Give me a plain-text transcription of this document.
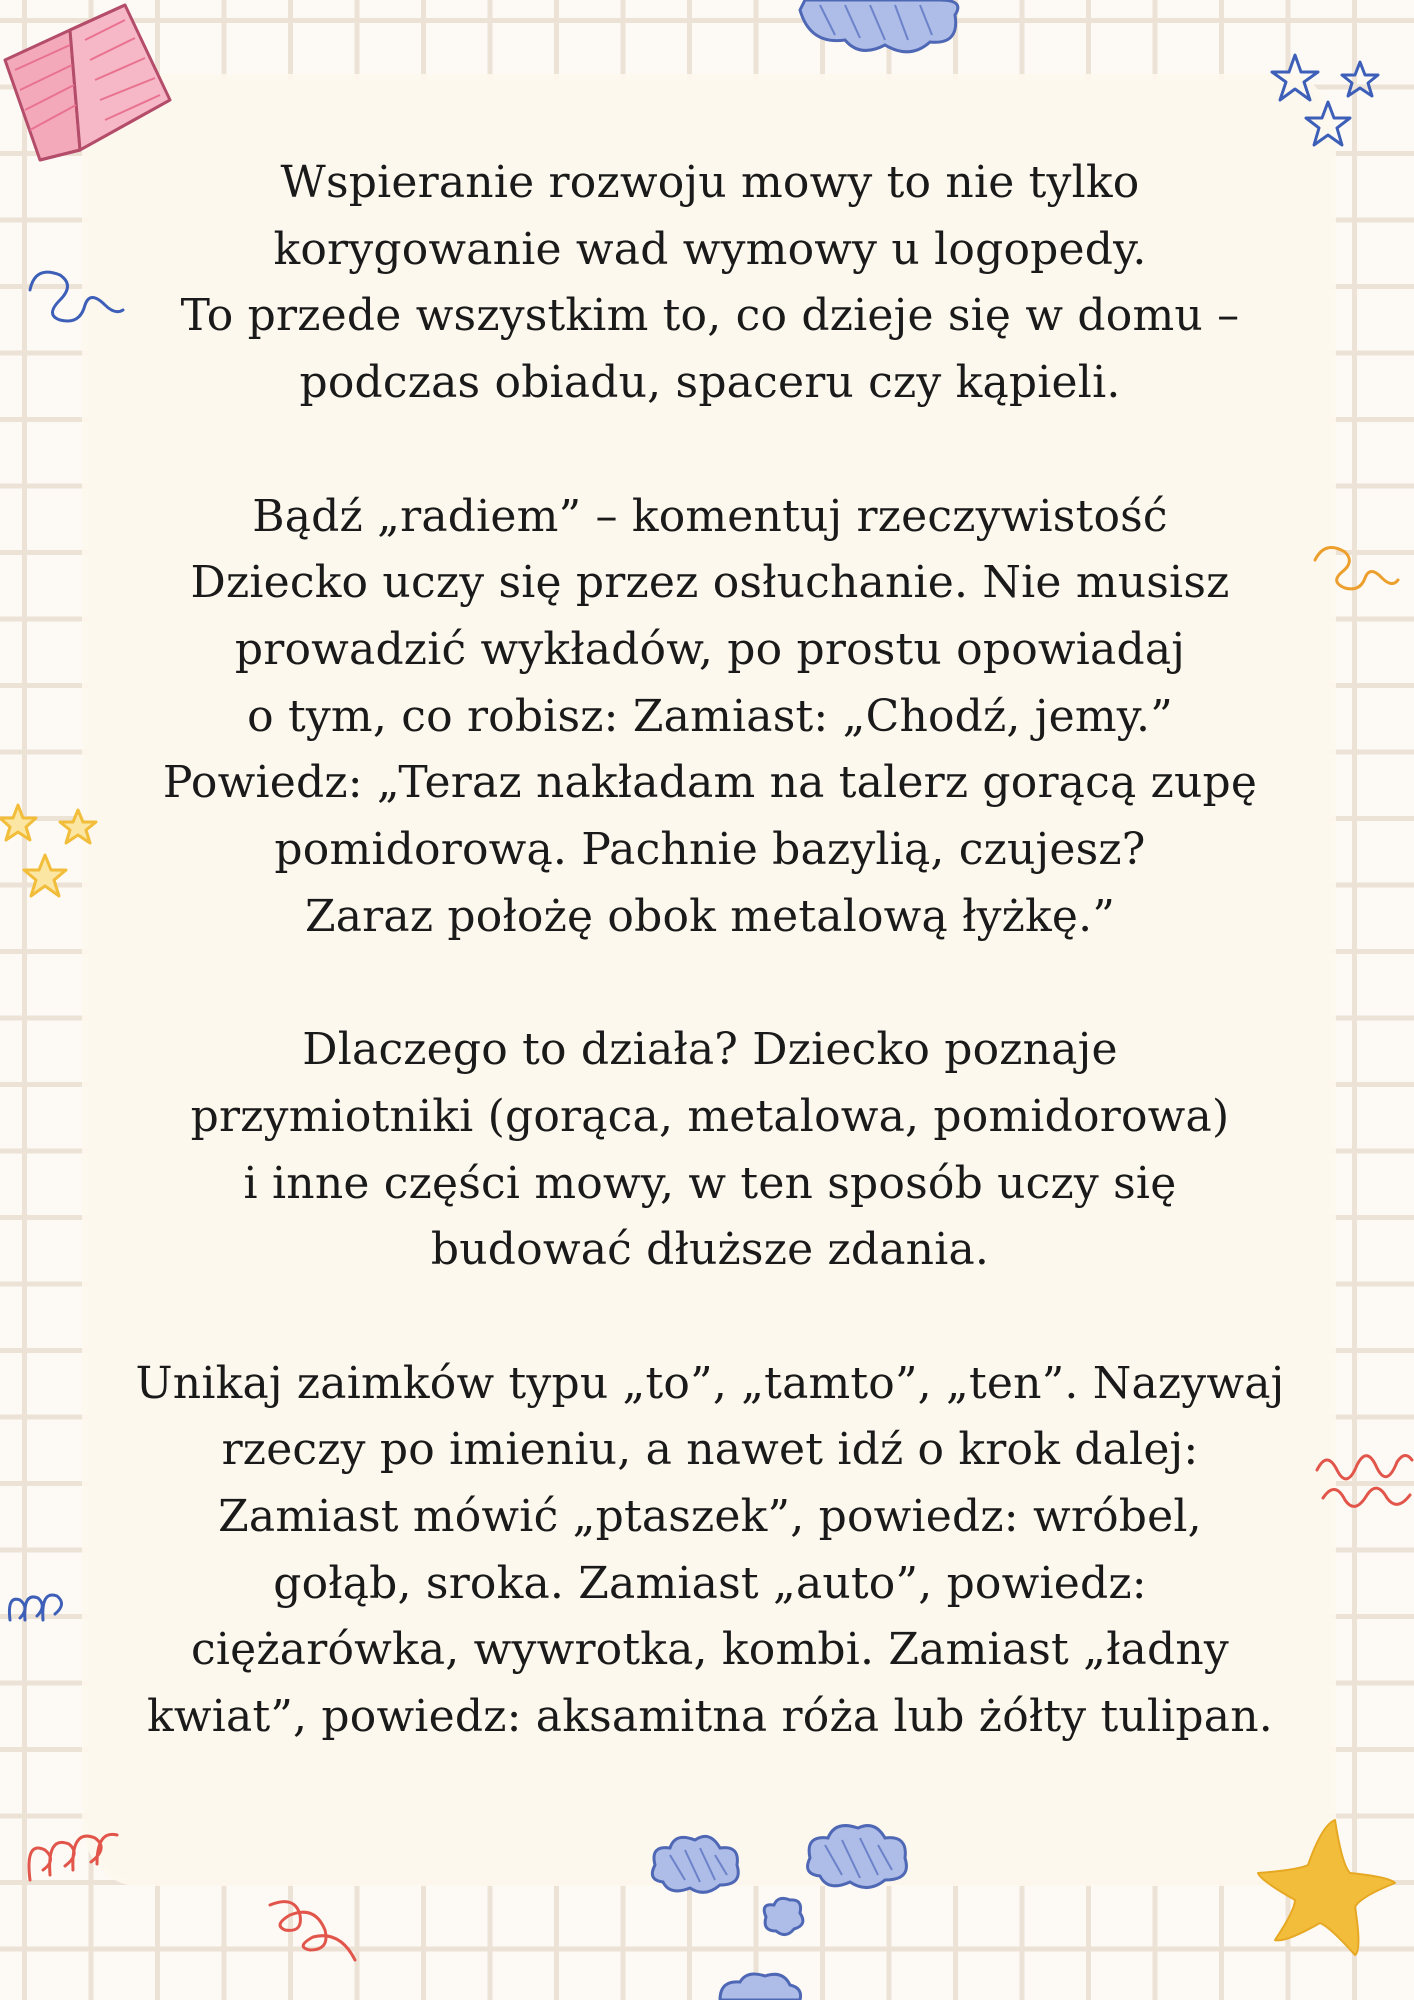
Wspieranie rozwoju mowy to nie tylko
korygowanie wad wymowy u logopedy.
To przede wszystkim to, co dzieje się w domu –
podczas obiadu, spaceru czy kąpieli.
Bądź „radiem” – komentuj rzeczywistość
Dziecko uczy się przez osłuchanie. Nie musisz
prowadzić wykładów, po prostu opowiadaj
o tym, co robisz: Zamiast: „Chodź, jemy.”
Powiedz: „Teraz nakładam na talerz gorącą zupę
pomidorową. Pachnie bazylią, czujesz?
Zaraz położę obok metalową łyżkę.”
Dlaczego to działa? Dziecko poznaje
przymiotniki (gorąca, metalowa, pomidorowa)
i inne części mowy, w ten sposób uczy się
budować dłuższe zdania.
Unikaj zaimków typu „to”, „tamto”, „ten”. Nazywaj
rzeczy po imieniu, a nawet idź o krok dalej:
Zamiast mówić „ptaszek”, powiedz: wróbel,
gołąb, sroka. Zamiast „auto”, powiedz:
ciężarówka, wywrotka, kombi. Zamiast „ładny
kwiat”, powiedz: aksamitna róża lub żółty tulipan.
